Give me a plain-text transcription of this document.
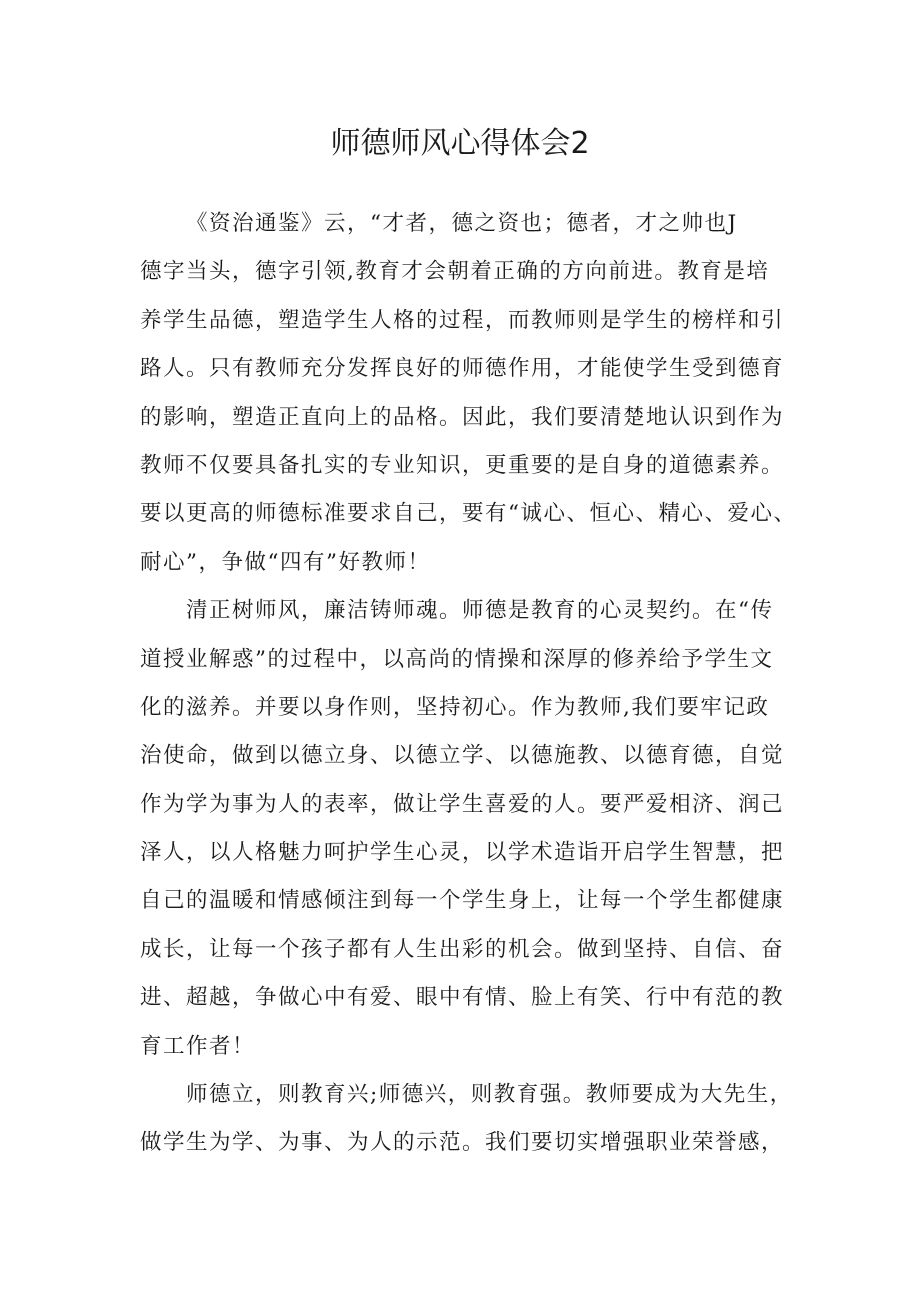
师德师风心得体会2
《资治通鉴》云，“才者，德之资也；德者，才之帅也J
德字当头，德字引领,教育才会朝着正确的方向前进。教育是培
养学生品德，塑造学生人格的过程，而教师则是学生的榜样和引
路人。只有教师充分发挥良好的师德作用，才能使学生受到德育
的影响，塑造正直向上的品格。因此，我们要清楚地认识到作为
教师不仅要具备扎实的专业知识，更重要的是自身的道德素养。
要以更高的师德标准要求自己，要有“诚心、恒心、精心、爱心、
耐心”，争做“四有”好教师！
清正树师风，廉洁铸师魂。师德是教育的心灵契约。在“传
道授业解惑”的过程中，以高尚的情操和深厚的修养给予学生文
化的滋养。并要以身作则，坚持初心。作为教师,我们要牢记政
治使命，做到以德立身、以德立学、以德施教、以德育德，自觉
作为学为事为人的表率，做让学生喜爱的人。要严爱相济、润己
泽人，以人格魅力呵护学生心灵，以学术造诣开启学生智慧，把
自己的温暖和情感倾注到每一个学生身上，让每一个学生都健康
成长，让每一个孩子都有人生出彩的机会。做到坚持、自信、奋
进、超越，争做心中有爱、眼中有情、脸上有笑、行中有范的教
育工作者！
师德立，则教育兴;师德兴，则教育强。教师要成为大先生，
做学生为学、为事、为人的示范。我们要切实增强职业荣誉感，
